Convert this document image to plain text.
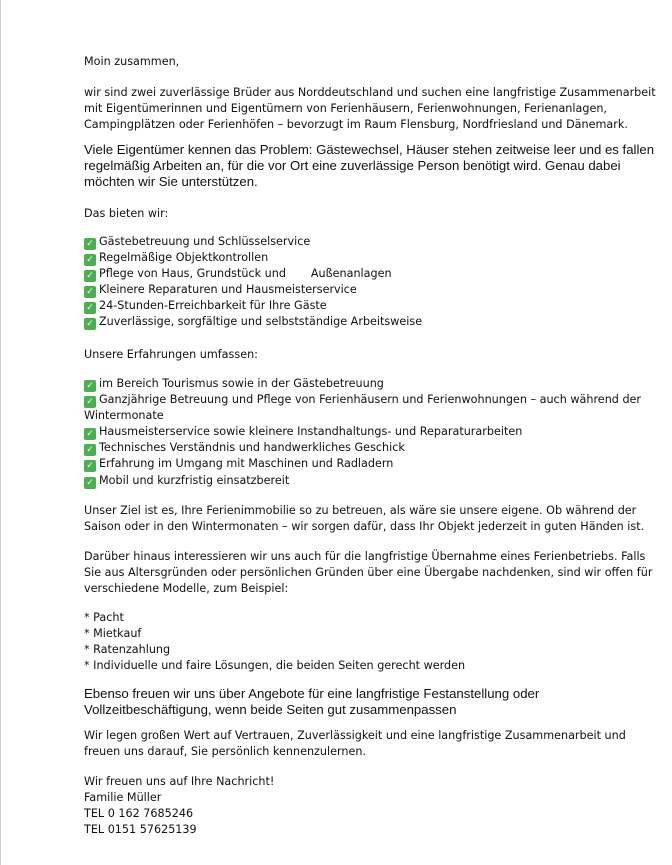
Moin zusammen,

wir sind zwei zuverlässige Brüder aus Norddeutschland und suchen eine langfristige Zusammenarbeit mit Eigentümerinnen und Eigentümern von Ferienhäusern, Ferienwohnungen, Ferienanlagen, Campingplätzen oder Ferienhöfen – bevorzugt im Raum Flensburg, Nordfriesland und Dänemark.

Viele Eigentümer kennen das Problem: Gästewechsel, Häuser stehen zeitweise leer und es fallen regelmäßig Arbeiten an, für die vor Ort eine zuverlässige Person benötigt wird. Genau dabei möchten wir Sie unterstützen.

Das bieten wir:

✓ Gästebetreuung und Schlüsselservice
✓ Regelmäßige Objektkontrollen
✓ Pflege von Haus, Grundstück und       Außenanlagen
✓ Kleinere Reparaturen und Hausmeisterservice
✓ 24-Stunden-Erreichbarkeit für Ihre Gäste
✓ Zuverlässige, sorgfältige und selbstständige Arbeitsweise

Unsere Erfahrungen umfassen:

✓ im Bereich Tourismus sowie in der Gästebetreuung
✓ Ganzjährige Betreuung und Pflege von Ferienhäusern und Ferienwohnungen – auch während der Wintermonate
✓ Hausmeisterservice sowie kleinere Instandhaltungs- und Reparaturarbeiten
✓ Technisches Verständnis und handwerkliches Geschick
✓ Erfahrung im Umgang mit Maschinen und Radladern
✓ Mobil und kurzfristig einsatzbereit

Unser Ziel ist es, Ihre Ferienimmobilie so zu betreuen, als wäre sie unsere eigene. Ob während der Saison oder in den Wintermonaten – wir sorgen dafür, dass Ihr Objekt jederzeit in guten Händen ist.

Darüber hinaus interessieren wir uns auch für die langfristige Übernahme eines Ferienbetriebs. Falls Sie aus Altersgründen oder persönlichen Gründen über eine Übergabe nachdenken, sind wir offen für verschiedene Modelle, zum Beispiel:

* Pacht
* Mietkauf
* Ratenzahlung
* Individuelle und faire Lösungen, die beiden Seiten gerecht werden

Ebenso freuen wir uns über Angebote für eine langfristige Festanstellung oder Vollzeitbeschäftigung, wenn beide Seiten gut zusammenpassen

Wir legen großen Wert auf Vertrauen, Zuverlässigkeit und eine langfristige Zusammenarbeit und freuen uns darauf, Sie persönlich kennenzulernen.

Wir freuen uns auf Ihre Nachricht!
Familie Müller
TEL 0 162 7685246
TEL 0151 57625139
